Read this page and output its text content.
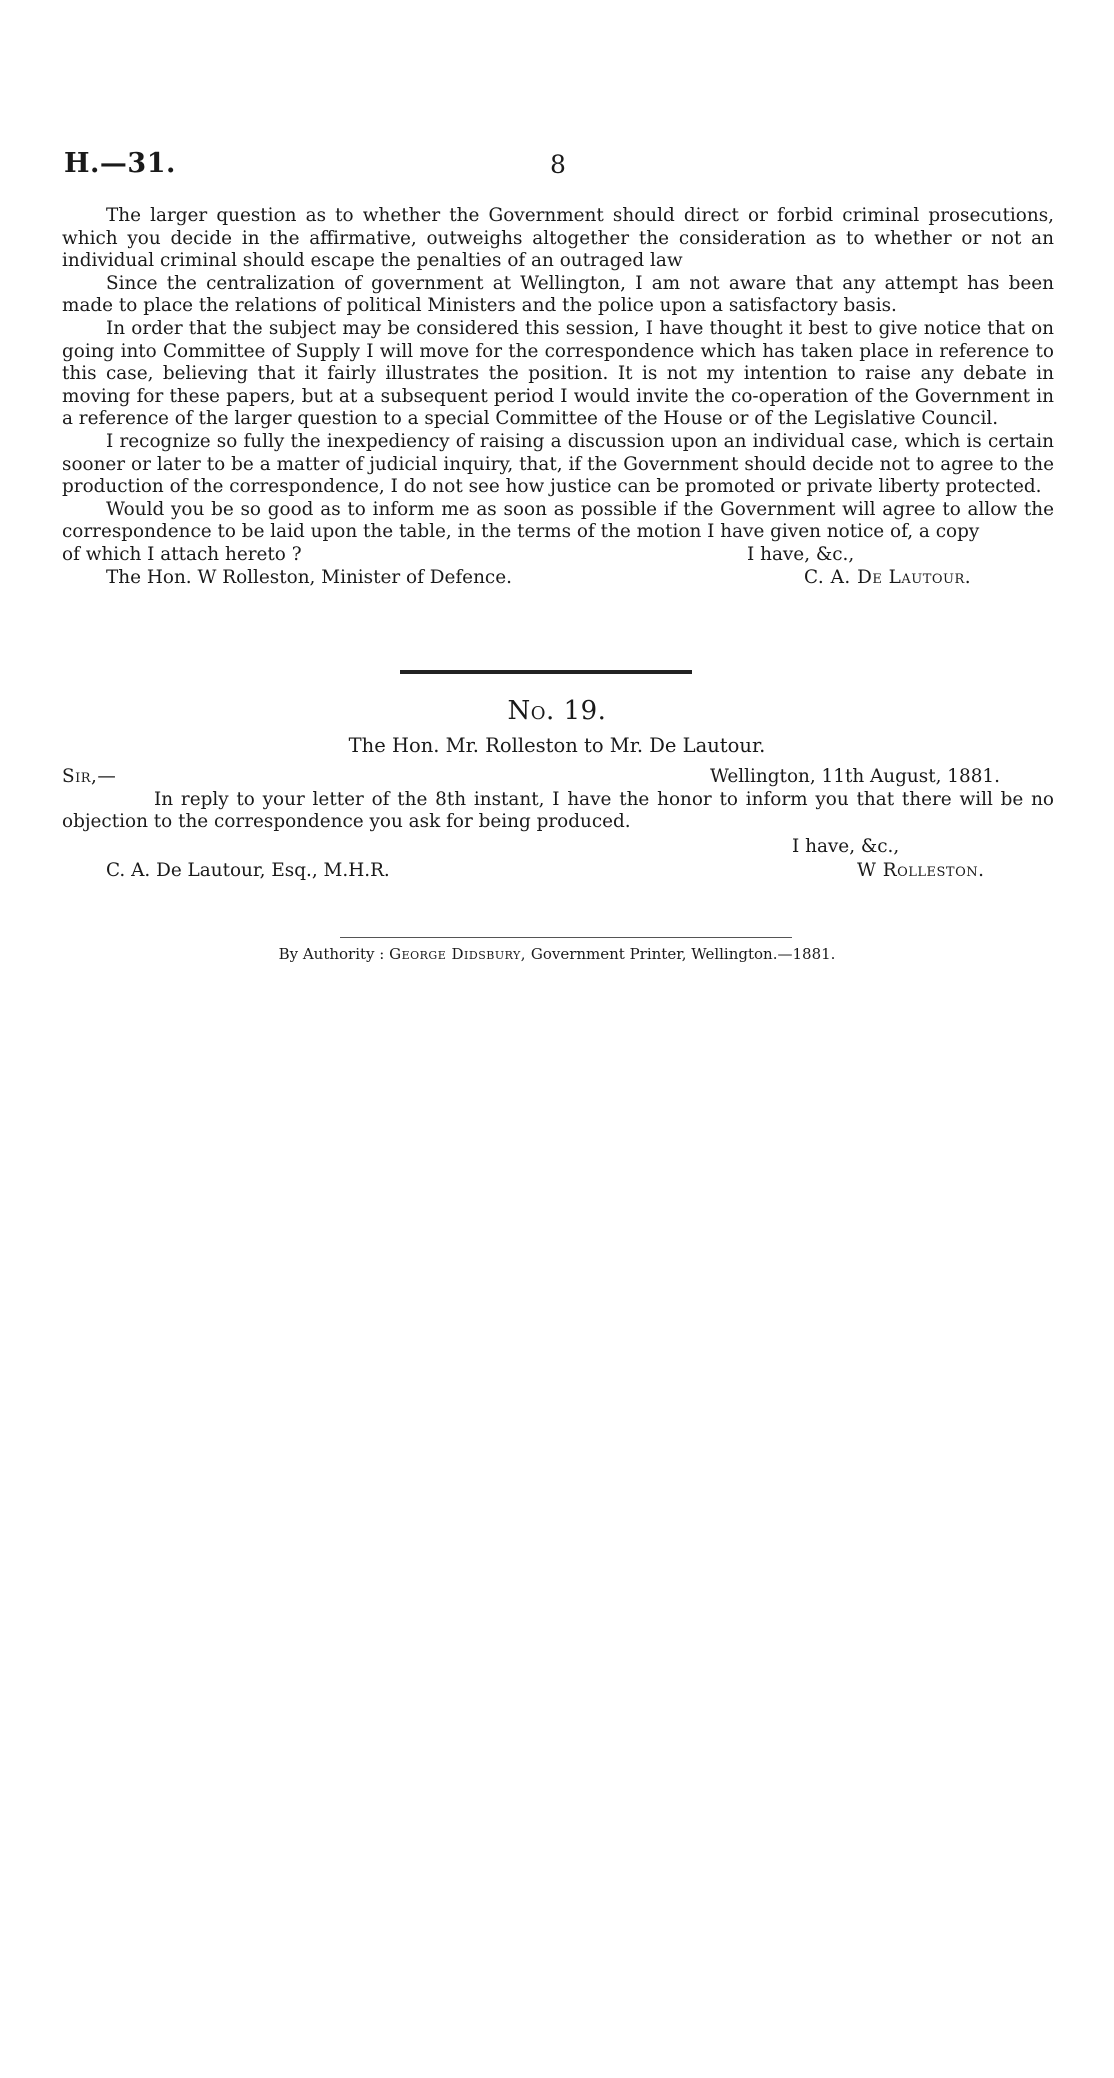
H.—31.	8

The larger question as to whether the Government should direct or forbid criminal prosecutions, which you decide in the affirmative, outweighs altogether the consideration as to whether or not an individual criminal should escape the penalties of an outraged law

Since the centralization of government at Wellington, I am not aware that any attempt has been made to place the relations of political Ministers and the police upon a satisfactory basis.

In order that the subject may be considered this session, I have thought it best to give notice that on going into Committee of Supply I will move for the correspondence which has taken place in reference to this case, believing that it fairly illustrates the position. It is not my intention to raise any debate in moving for these papers, but at a subsequent period I would invite the co-operation of the Government in a reference of the larger question to a special Committee of the House or of the Legislative Council.

I recognize so fully the inexpediency of raising a discussion upon an individual case, which is certain sooner or later to be a matter of judicial inquiry, that, if the Government should decide not to agree to the production of the correspondence, I do not see how justice can be promoted or private liberty protected.

Would you be so good as to inform me as soon as possible if the Government will agree to allow the correspondence to be laid upon the table, in the terms of the motion I have given notice of, a copy

of which I attach hereto ?	I have, &c.,
The Hon. W Rolleston, Minister of Defence.	C. A. De Lautour.
No. 19.
The Hon. Mr. Rolleston to Mr. De Lautour.
Sir,—	Wellington, 11th August, 1881.

In reply to your letter of the 8th instant, I have the honor to inform you that there will be no objection to the correspondence you ask for being produced.

I have, &c.,
C. A. De Lautour, Esq., M.H.R.	W Rolleston.
By Authority : George Didsbury, Government Printer, Wellington.—1881.
